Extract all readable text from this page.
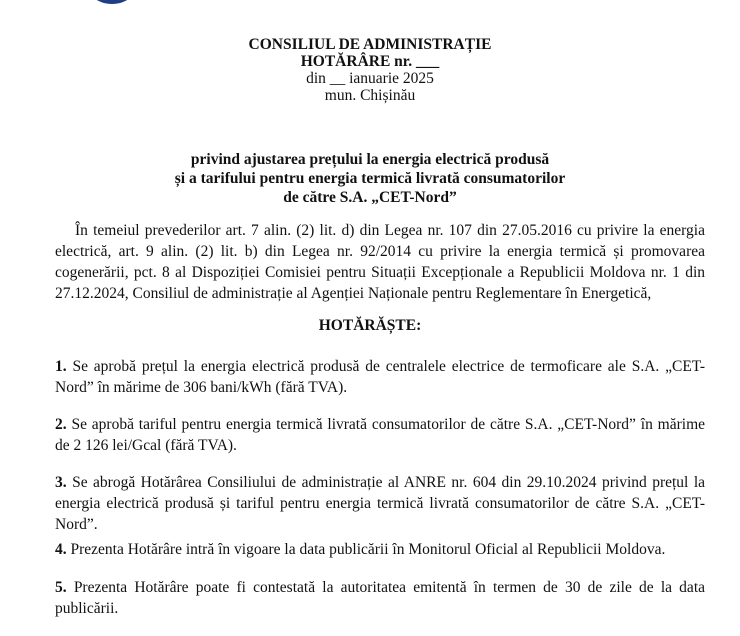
CONSILIUL DE ADMINISTRAȚIE
HOTĂRÂRE nr. ___
din __ ianuarie 2025
mun. Chișinău
privind ajustarea prețului la energia electrică produsă
și a tarifului pentru energia termică livrată consumatorilor
de către S.A. „CET-Nord”
În temeiul prevederilor art. 7 alin. (2) lit. d) din Legea nr. 107 din 27.05.2016 cu privire la energia electrică, art. 9 alin. (2) lit. b) din Legea nr. 92/2014 cu privire la energia termică și promovarea cogenerării, pct. 8 al Dispoziției Comisiei pentru Situații Excepționale a Republicii Moldova nr. 1 din 27.12.2024, Consiliul de administrație al Agenției Naționale pentru Reglementare în Energetică,
HOTĂRĂȘTE:
1. Se aprobă prețul la energia electrică produsă de centralele electrice de termoficare ale S.A. „CET-Nord” în mărime de 306 bani/kWh (fără TVA).
2. Se aprobă tariful pentru energia termică livrată consumatorilor de către S.A. „CET-Nord” în mărime de 2 126 lei/Gcal (fără TVA).
3. Se abrogă Hotărârea Consiliului de administrație al ANRE nr. 604 din 29.10.2024 privind prețul la energia electrică produsă și tariful pentru energia termică livrată consumatorilor de către S.A. „CET-Nord”.
4. Prezenta Hotărâre intră în vigoare la data publicării în Monitorul Oficial al Republicii Moldova.
5. Prezenta Hotărâre poate fi contestată la autoritatea emitentă în termen de 30 de zile de la data publicării.
